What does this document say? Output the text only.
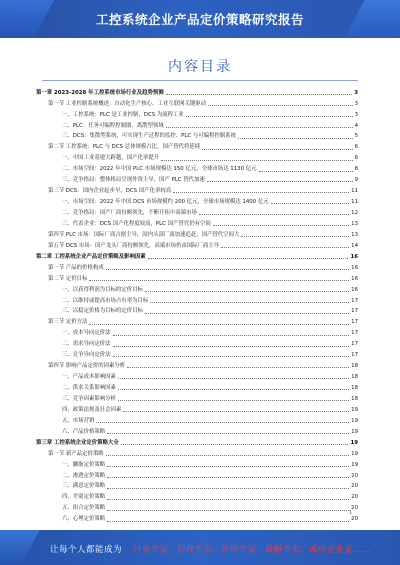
工控系统企业产品定价策略研究报告
内容目录
第一章 2023-2028 年工控系统市场行业及趋势预测	3
第一节 工业控制系统概述：自动化生产核心，工业互联网关键驱动	3
一、工控系统：PLC 是工业控制，DCS 为流程工业	3
二、PLC：任务可编程控制器，离散型领域	4
三、DCS：集散型系统，可实现生产过程的监控、PLC 与可编程控制系统	5
第二节 工控系统：PLC 与 DCS 总体规模占比，国产替代将延续	6
一、中国工业基建大跨越，国产化率提升	6
二、市场空间：2022 年中国 PLC 市场规模达 150 亿元，全球市场达 1130 亿元	8
三、竞争格局：整体格局呈现外资主导，国产 PLC 替代加速	9
第三节 DCS：国内企业起步早，DCS 国产化率较高	11
一、市场空间：2022 年中国 DCS 市场规模约 200 亿元，全球市场规模达 1400 亿元	11
二、竞争格局：国产厂商份额领先，不断开拓中高端市场	12
三、代表企业：DCS 国产化程度较高，PLC 国产替代仍有空间	13
第四节 PLC 市场：国际厂商占据主导，国内头部厂商加速追赶，国产替代空间大	13
第五节 DCS 市场：国产龙头厂商份额领先，高端市场仍由国际厂商主导	14
第二章 工控系统企业产品定价策略及影响因素	16
第一节 产品的价格构成	16
第二节 定价目标	16
一、以获得利润为目标的定价目标	16
二、以维持或提高市场占有率为目标	17
三、以稳定价格为目标的定价目标	17
第三节 定价方法	17
一、成本导向定价法	17
二、需求导向定价法	17
三、竞争导向定价法	17
第四节 影响产品定价的因素分析	18
一、产品成本影响因素	18
二、供求关系影响因素	18
三、竞争因素影响分析	18
四、政策法规及社会因素	19
五、市场营销	19
六、产品价格策略	19
第三章 工控系统企业定价策略大全	19
第一节 新产品定价策略	19
一、撇脂定价策略	19
二、渗透定价策略	20
三、满意定价策略	20
四、差别定价策略	20
五、组合定价策略	20
六、心理定价策略	20
1
让每个人都能成为 行业专家、管理专家、营销专家、战略专家、成功企业家……
